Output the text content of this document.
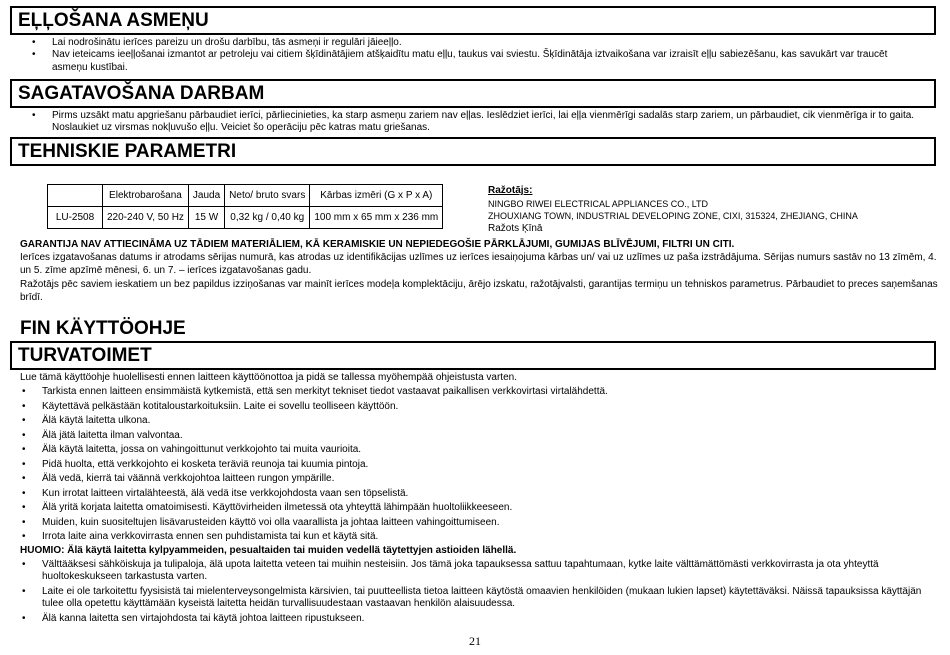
EĻĻOŠANA ASMEŅU
• Lai nodrošinātu ierīces pareizu un drošu darbību, tās asmeņi ir regulāri jāieeļļo.
• Nav ieteicams ieeļļošanai izmantot ar petroleju vai citiem šķīdinātājiem atšķaidītu matu eļļu, taukus vai sviestu. Šķīdinātāja iztvaikošana var izraisīt eļļu sabiezēšanu, kas savukārt var traucēt asmeņu kustībai.
SAGATAVOŠANA DARBAM
• Pirms uzsākt matu apgriešanu pārbaudiet ierīci, pārliecinieties, ka starp asmeņu zariem nav eļļas. Ieslēdziet ierīci, lai eļļa vienmērīgi sadalās starp zariem, un pārbaudiet, cik vienmērīga ir to gaita. Noslaukiet uz virsmas nokļuvušo eļļu. Veiciet šo operāciju pēc katras matu griešanas.
TEHNISKIE PARAMETRI
	Elektrobarošana	Jauda	Neto/ bruto svars	Kārbas izmēri (G x P x A)
LU-2508	220-240 V, 50 Hz	15 W	0,32 kg / 0,40 kg	100 mm x 65 mm x 236 mm
Ražotājs:
NINGBO RIWEI ELECTRICAL APPLIANCES CO., LTD
ZHOUXIANG TOWN, INDUSTRIAL DEVELOPING ZONE, CIXI, 315324, ZHEJIANG, CHINA
Ražots Ķīnā
GARANTIJA NAV ATTIECINĀMA UZ TĀDIEM MATERIĀLIEM, KĀ KERAMISKIE UN NEPIEDEGOŠIE PĀRKLĀJUMI, GUMIJAS BLĪVĒJUMI, FILTRI UN CITI.
Ierīces izgatavošanas datums ir atrodams sērijas numurā, kas atrodas uz identifikācijas uzlīmes uz ierīces iesaiņojuma kārbas un/ vai uz uzlīmes uz paša izstrādājuma. Sērijas numurs sastāv no 13 zīmēm, 4.
un 5. zīme apzīmē mēnesi, 6. un 7. – ierīces izgatavošanas gadu.
Ražotājs pēc saviem ieskatiem un bez papildus izziņošanas var mainīt ierīces modeļa komplektāciju, ārējo izskatu, ražotājvalsti, garantijas termiņu un tehniskos parametrus. Pārbaudiet to preces saņemšanas
brīdī.
FIN KÄYTTÖOHJE
TURVATOIMET
Lue tämä käyttöohje huolellisesti ennen laitteen käyttöönottoa ja pidä se tallessa myöhempää ohjeistusta varten.
• Tarkista ennen laitteen ensimmäistä kytkemistä, että sen merkityt tekniset tiedot vastaavat paikallisen verkkovirtasi virtalähdettä.
• Käytettävä pelkästään kotitaloustarkoituksiin. Laite ei sovellu teolliseen käyttöön.
• Älä käytä laitetta ulkona.
• Älä jätä laitetta ilman valvontaa.
• Älä käytä laitetta, jossa on vahingoittunut verkkojohto tai muita vaurioita.
• Pidä huolta, että verkkojohto ei kosketa teräviä reunoja tai kuumia pintoja.
• Älä vedä, kierrä tai väännä verkkojohtoa laitteen rungon ympärille.
• Kun irrotat laitteen virtalähteestä, älä vedä itse verkkojohdosta vaan sen töpselistä.
• Älä yritä korjata laitetta omatoimisesti. Käyttövirheiden ilmetessä ota yhteyttä lähimpään huoltoliikkeeseen.
• Muiden, kuin suositeltujen lisävarusteiden käyttö voi olla vaarallista ja johtaa laitteen vahingoittumiseen.
• Irrota laite aina verkkovirrasta ennen sen puhdistamista tai kun et käytä sitä.
HUOMIO: Älä käytä laitetta kylpyammeiden, pesualtaiden tai muiden vedellä täytettyjen astioiden lähellä.
• Välttääksesi sähköiskuja ja tulipaloja, älä upota laitetta veteen tai muihin nesteisiin. Jos tämä joka tapauksessa sattuu tapahtumaan, kytke laite välttämättömästi verkkovirrasta ja ota yhteyttä huoltokeskukseen tarkastusta varten.
• Laite ei ole tarkoitettu fyysisistä tai mielenterveysongelmista kärsivien, tai puutteellista tietoa laitteen käytöstä omaavien henkilöiden (mukaan lukien lapset) käytettäväksi. Näissä tapauksissa käyttäjän tulee olla opetettu käyttämään kyseistä laitetta heidän turvallisuudestaan vastaavan henkilön alaisuudessa.
• Älä kanna laitetta sen virtajohdosta tai käytä johtoa laitteen ripustukseen.
21
